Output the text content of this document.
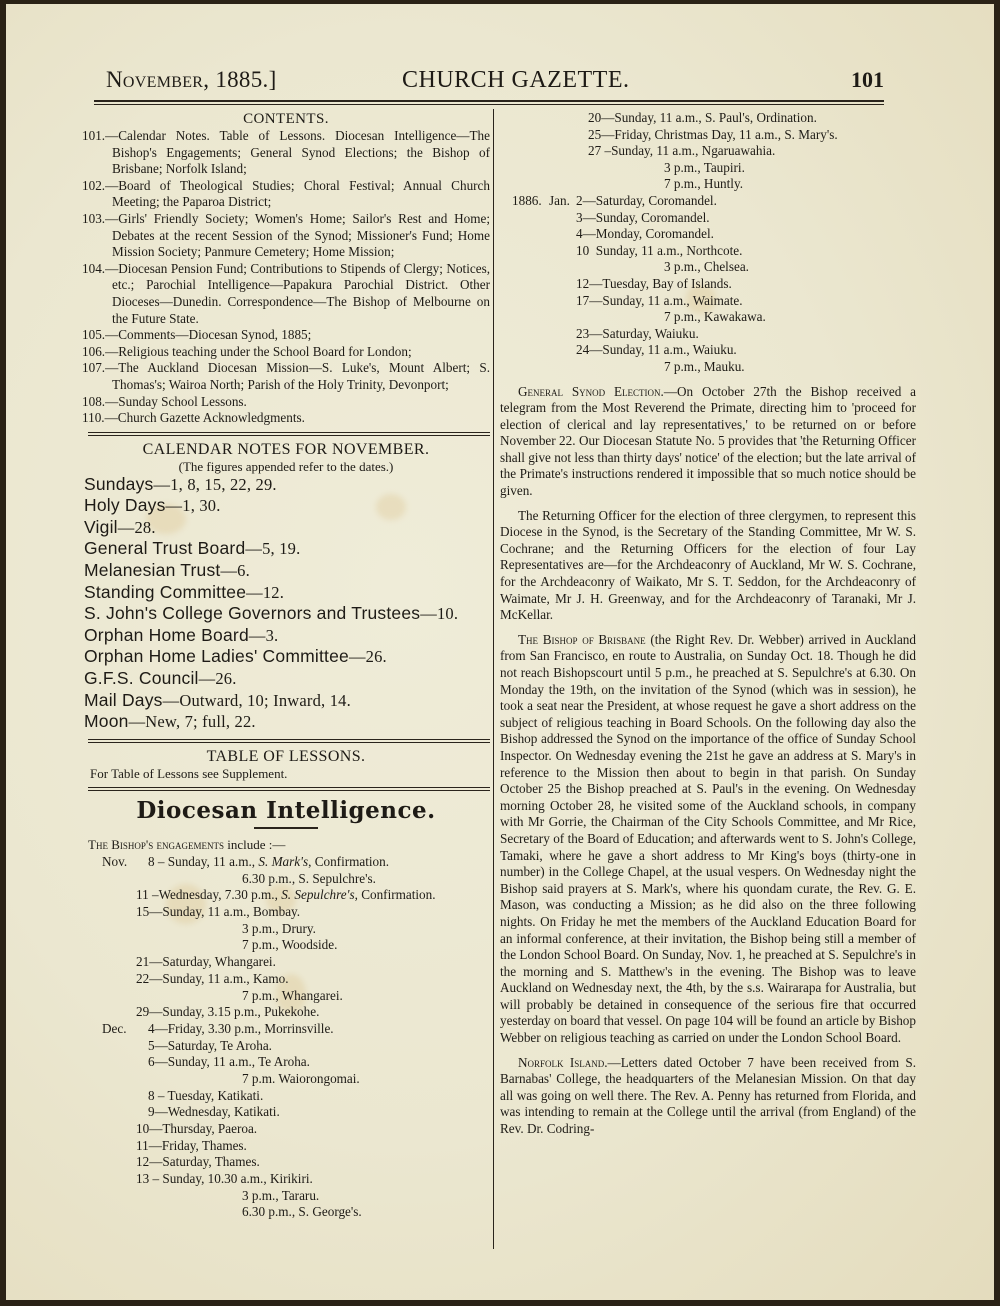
November, 1885.]	CHURCH GAZETTE.	101
CONTENTS.
101.—Calendar Notes. Table of Lessons. Diocesan Intelligence—The Bishop's Engagements; General Synod Elections; the Bishop of Brisbane; Norfolk Island;
102.—Board of Theological Studies; Choral Festival; Annual Church Meeting; the Paparoa District;
103.—Girls' Friendly Society; Women's Home; Sailor's Rest and Home; Debates at the recent Session of the Synod; Missioner's Fund; Home Mission Society; Panmure Cemetery; Home Mission;
104.—Diocesan Pension Fund; Contributions to Stipends of Clergy; Notices, etc.; Parochial Intelligence—Papakura Parochial District. Other Dioceses—Dunedin. Correspondence—The Bishop of Melbourne on the Future State.
105.—Comments—Diocesan Synod, 1885;
106.—Religious teaching under the School Board for London;
107.—The Auckland Diocesan Mission—S. Luke's, Mount Albert; S. Thomas's; Wairoa North; Parish of the Holy Trinity, Devonport;
108.—Sunday School Lessons.
110.—Church Gazette Acknowledgments.
CALENDAR NOTES FOR NOVEMBER.
(The figures appended refer to the dates.)
Sundays—1, 8, 15, 22, 29.
Holy Days—1, 30.
Vigil—28.
General Trust Board—5, 19.
Melanesian Trust—6.
Standing Committee—12.
S. John's College Governors and Trustees—10.
Orphan Home Board—3.
Orphan Home Ladies' Committee—26.
G.F.S. Council—26.
Mail Days—Outward, 10; Inward, 14.
Moon—New, 7; full, 22.
TABLE OF LESSONS.
For Table of Lessons see Supplement.
Diocesan Intelligence.
The Bishop's engagements include :—
Nov. 8 – Sunday, 11 a.m., S. Mark's, Confirmation.
6.30 p.m., S. Sepulchre's.
11 –Wednesday, 7.30 p.m., S. Sepulchre's, Confirmation.
15—Sunday, 11 a.m., Bombay.
3 p.m., Drury.
7 p.m., Woodside.
21—Saturday, Whangarei.
22—Sunday, 11 a.m., Kamo.
7 p.m., Whangarei.
29—Sunday, 3.15 p.m., Pukekohe.
Dec. 4—Friday, 3.30 p.m., Morrinsville.
5—Saturday, Te Aroha.
6—Sunday, 11 a.m., Te Aroha.
7 p.m. Waiorongomai.
8 – Tuesday, Katikati.
9—Wednesday, Katikati.
10—Thursday, Paeroa.
11—Friday, Thames.
12—Saturday, Thames.
13 – Sunday, 10.30 a.m., Kirikiri.
3 p.m., Tararu.
6.30 p.m., S. George's.
20—Sunday, 11 a.m., S. Paul's, Ordination.
25—Friday, Christmas Day, 11 a.m., S. Mary's.
27 –Sunday, 11 a.m., Ngaruawahia.
3 p.m., Taupiri.
7 p.m., Huntly.
1886. Jan. 2—Saturday, Coromandel.
3—Sunday, Coromandel.
4—Monday, Coromandel.
10  Sunday, 11 a.m., Northcote.
3 p.m., Chelsea.
12—Tuesday, Bay of Islands.
17—Sunday, 11 a.m., Waimate.
7 p.m., Kawakawa.
23—Saturday, Waiuku.
24—Sunday, 11 a.m., Waiuku.
7 p.m., Mauku.

General Synod Election.—On October 27th the Bishop received a telegram from the Most Reverend the Primate, directing him to 'proceed for election of clerical and lay representatives,' to be returned on or before November 22. Our Diocesan Statute No. 5 provides that 'the Returning Officer shall give not less than thirty days' notice' of the election; but the late arrival of the Primate's instructions rendered it impossible that so much notice should be given.

The Returning Officer for the election of three clergymen, to represent this Diocese in the Synod, is the Secretary of the Standing Committee, Mr W. S. Cochrane; and the Returning Officers for the election of four Lay Representatives are—for the Archdeaconry of Auckland, Mr W. S. Cochrane, for the Archdeaconry of Waikato, Mr S. T. Seddon, for the Archdeaconry of Waimate, Mr J. H. Greenway, and for the Archdeaconry of Taranaki, Mr J. McKellar.

The Bishop of Brisbane (the Right Rev. Dr. Webber) arrived in Auckland from San Francisco, en route to Australia, on Sunday Oct. 18. Though he did not reach Bishopscourt until 5 p.m., he preached at S. Sepulchre's at 6.30. On Monday the 19th, on the invitation of the Synod (which was in session), he took a seat near the President, at whose request he gave a short address on the subject of religious teaching in Board Schools. On the following day also the Bishop addressed the Synod on the importance of the office of Sunday School Inspector. On Wednesday evening the 21st he gave an address at S. Mary's in reference to the Mission then about to begin in that parish. On Sunday October 25 the Bishop preached at S. Paul's in the evening. On Wednesday morning October 28, he visited some of the Auckland schools, in company with Mr Gorrie, the Chairman of the City Schools Committee, and Mr Rice, Secretary of the Board of Education; and afterwards went to S. John's College, Tamaki, where he gave a short address to Mr King's boys (thirty-one in number) in the College Chapel, at the usual vespers. On Wednesday night the Bishop said prayers at S. Mark's, where his quondam curate, the Rev. G. E. Mason, was conducting a Mission; as he did also on the three following nights. On Friday he met the members of the Auckland Education Board for an informal conference, at their invitation, the Bishop being still a member of the London School Board. On Sunday, Nov. 1, he preached at S. Sepulchre's in the morning and S. Matthew's in the evening. The Bishop was to leave Auckland on Wednesday next, the 4th, by the s.s. Wairarapa for Australia, but will probably be detained in consequence of the serious fire that occurred yesterday on board that vessel. On page 104 will be found an article by Bishop Webber on religious teaching as carried on under the London School Board.

Norfolk Island.—Letters dated October 7 have been received from S. Barnabas' College, the headquarters of the Melanesian Mission. On that day all was going on well there. The Rev. A. Penny has returned from Florida, and was intending to remain at the College until the arrival (from England) of the Rev. Dr. Codring-
